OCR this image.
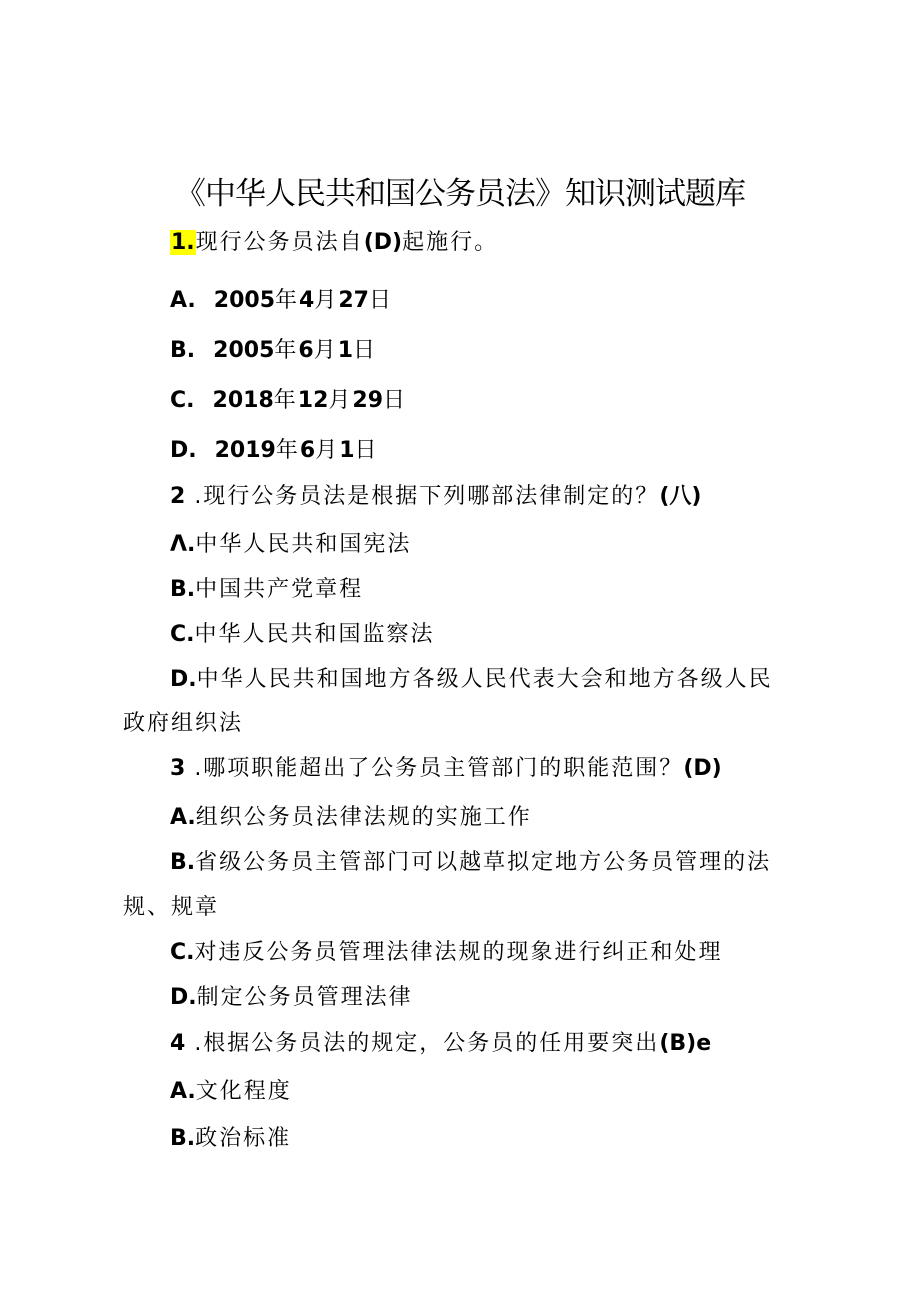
《中华人民共和国公务员法》知识测试题库
1.现行公务员法自(D)起施行。
A. 2005年4月27日
B. 2005年6月1日
C. 2018年12月29日
D. 2019年6月1日
2 .现行公务员法是根据下列哪部法律制定的？(八)
Λ.中华人民共和国宪法
B.中国共产党章程
C.中华人民共和国监察法
D.中华人民共和国地方各级人民代表大会和地方各级人民
政府组织法
3 .哪项职能超出了公务员主管部门的职能范围？(D)
A.组织公务员法律法规的实施工作
B.省级公务员主管部门可以越草拟定地方公务员管理的法
规、规章
C.对违反公务员管理法律法规的现象进行纠正和处理
D.制定公务员管理法律
4 .根据公务员法的规定，公务员的任用要突出(B)e
A.文化程度
B.政治标准
